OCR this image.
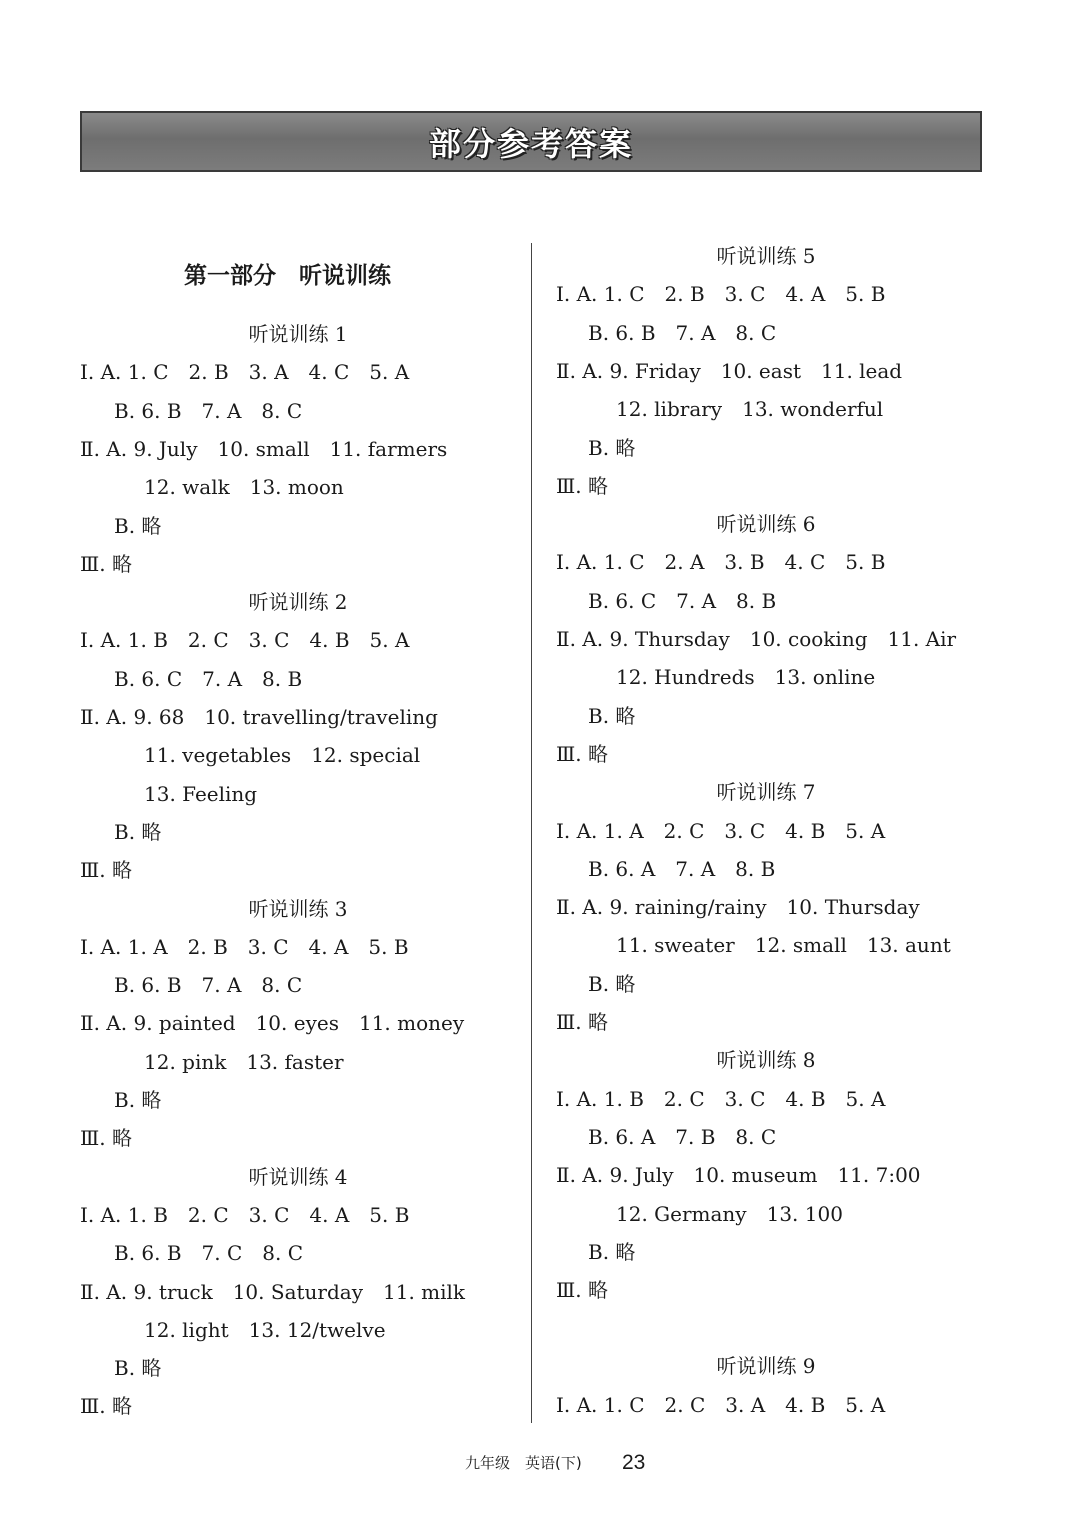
部分参考答案
第一部分　听说训练
听说训练 1
Ⅰ. A. 1. C　2. B　3. A　4. C　5. A
B. 6. B　7. A　8. C
Ⅱ. A. 9. July　10. small　11. farmers
12. walk　13. moon
B. 略
Ⅲ. 略
听说训练 2
Ⅰ. A. 1. B　2. C　3. C　4. B　5. A
B. 6. C　7. A　8. B
Ⅱ. A. 9. 68　10. travelling/traveling
11. vegetables　12. special
13. Feeling
B. 略
Ⅲ. 略
听说训练 3
Ⅰ. A. 1. A　2. B　3. C　4. A　5. B
B. 6. B　7. A　8. C
Ⅱ. A. 9. painted　10. eyes　11. money
12. pink　13. faster
B. 略
Ⅲ. 略
听说训练 4
Ⅰ. A. 1. B　2. C　3. C　4. A　5. B
B. 6. B　7. C　8. C
Ⅱ. A. 9. truck　10. Saturday　11. milk
12. light　13. 12/twelve
B. 略
Ⅲ. 略
听说训练 5
Ⅰ. A. 1. C　2. B　3. C　4. A　5. B
B. 6. B　7. A　8. C
Ⅱ. A. 9. Friday　10. east　11. lead
12. library　13. wonderful
B. 略
Ⅲ. 略
听说训练 6
Ⅰ. A. 1. C　2. A　3. B　4. C　5. B
B. 6. C　7. A　8. B
Ⅱ. A. 9. Thursday　10. cooking　11. Air
12. Hundreds　13. online
B. 略
Ⅲ. 略
听说训练 7
Ⅰ. A. 1. A　2. C　3. C　4. B　5. A
B. 6. A　7. A　8. B
Ⅱ. A. 9. raining/rainy　10. Thursday
11. sweater　12. small　13. aunt
B. 略
Ⅲ. 略
听说训练 8
Ⅰ. A. 1. B　2. C　3. C　4. B　5. A
B. 6. A　7. B　8. C
Ⅱ. A. 9. July　10. museum　11. 7:00
12. Germany　13. 100
B. 略
Ⅲ. 略
听说训练 9
Ⅰ. A. 1. C　2. C　3. A　4. B　5. A
九年级　英语(下) 23
